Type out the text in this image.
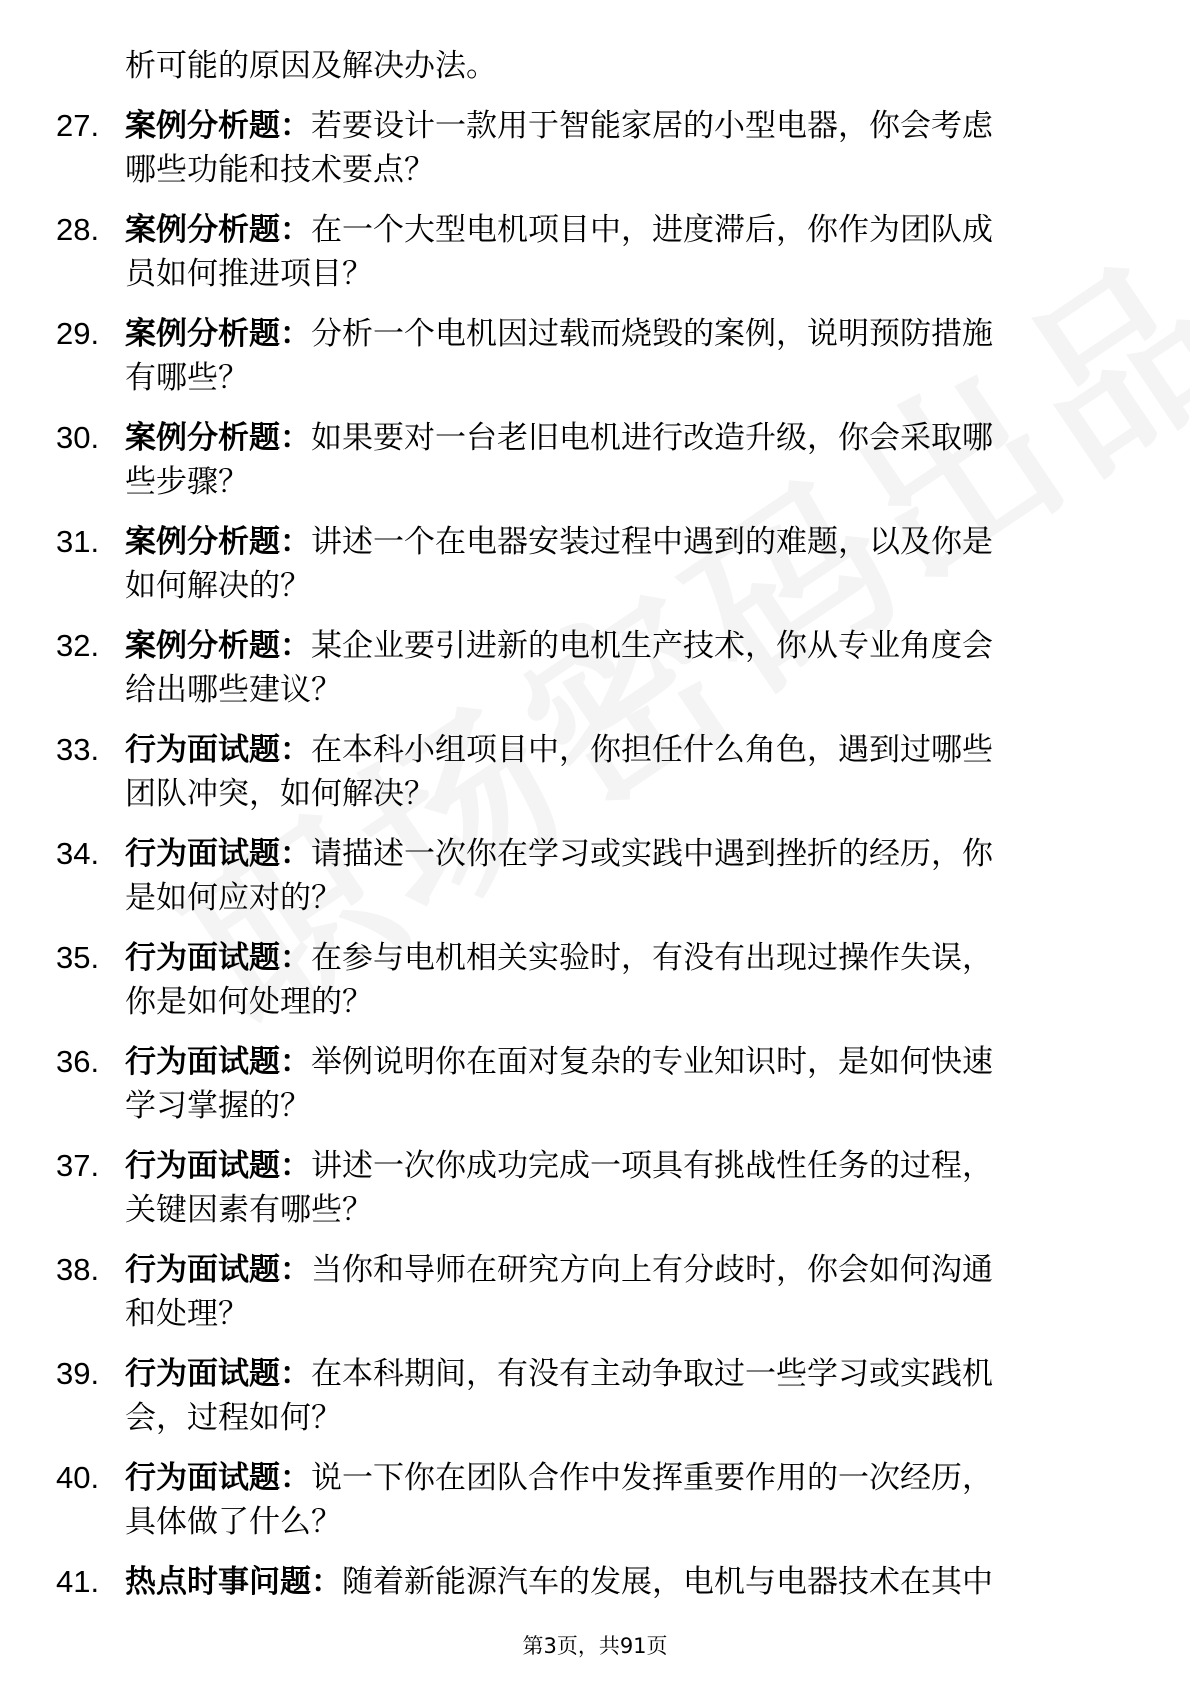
析可能的原因及解决办法。
27. 案例分析题：若要设计一款用于智能家居的小型电器，你会考虑
哪些功能和技术要点？
28. 案例分析题：在一个大型电机项目中，进度滞后，你作为团队成
员如何推进项目？
29. 案例分析题：分析一个电机因过载而烧毁的案例，说明预防措施
有哪些？
30. 案例分析题：如果要对一台老旧电机进行改造升级，你会采取哪
些步骤？
31. 案例分析题：讲述一个在电器安装过程中遇到的难题，以及你是
如何解决的？
32. 案例分析题：某企业要引进新的电机生产技术，你从专业角度会
给出哪些建议？
33. 行为面试题：在本科小组项目中，你担任什么角色，遇到过哪些
团队冲突，如何解决？
34. 行为面试题：请描述一次你在学习或实践中遇到挫折的经历，你
是如何应对的？
35. 行为面试题：在参与电机相关实验时，有没有出现过操作失误，
你是如何处理的？
36. 行为面试题：举例说明你在面对复杂的专业知识时，是如何快速
学习掌握的？
37. 行为面试题：讲述一次你成功完成一项具有挑战性任务的过程，
关键因素有哪些？
38. 行为面试题：当你和导师在研究方向上有分歧时，你会如何沟通
和处理？
39. 行为面试题：在本科期间，有没有主动争取过一些学习或实践机
会，过程如何？
40. 行为面试题：说一下你在团队合作中发挥重要作用的一次经历，
具体做了什么？
41. 热点时事问题：随着新能源汽车的发展，电机与电器技术在其中
第3页，共91页
